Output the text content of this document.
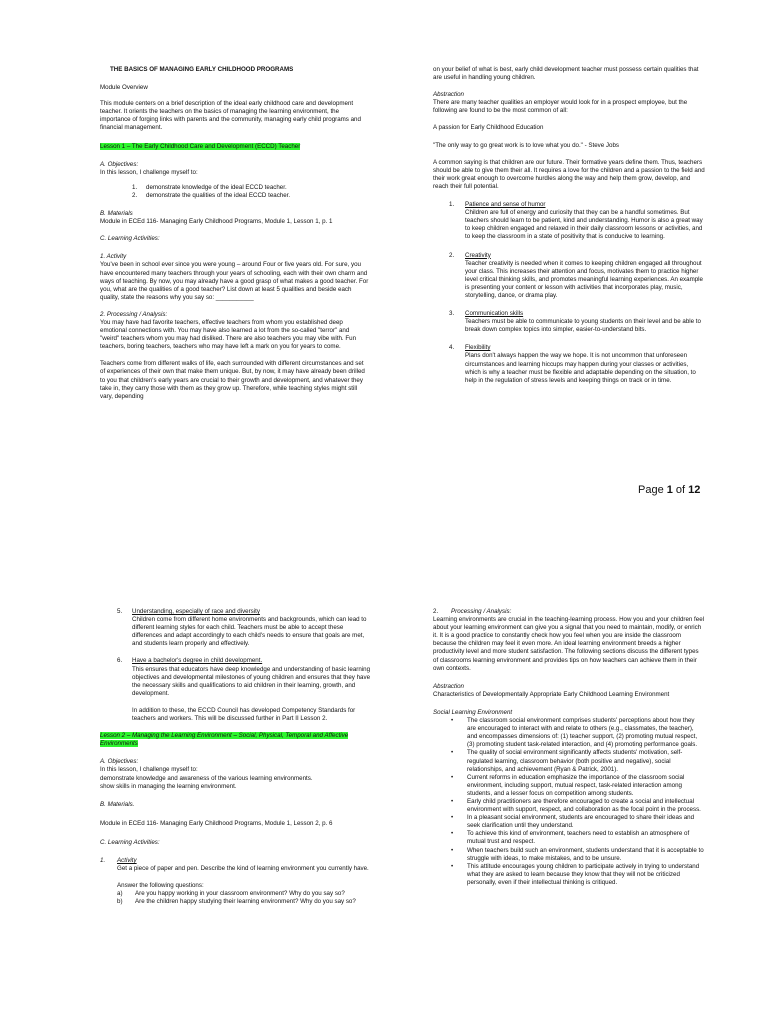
THE BASICS OF MANAGING EARLY CHILDHOOD PROGRAMS

Module Overview

This module centers on a brief description of the ideal early childhood care and development teacher. It orients the teachers on the basics of managing the learning environment, the importance of forging links with parents and the community, managing early child programs and financial management.

Lesson 1 – The Early Childhood Care and Development (ECCD) Teacher

A. Objectives:

In this lesson, I challenge myself to:

1.	demonstrate knowledge of the ideal ECCD teacher.
2.	demonstrate the qualities of the ideal ECCD teacher.

B. Materials

Module in ECEd 116- Managing Early Childhood Programs, Module 1, Lesson 1, p. 1

C. Learning Activities:

1. Activity

You've been in school ever since you were young – around Four or five years old. For sure, you have encountered many teachers through your years of schooling, each with their own charm and ways of teaching. By now, you may already have a good grasp of what makes a good teacher. For you, what are the qualities of a good teacher? List down at least 5 qualities and beside each quality, state the reasons why you say so: ___________

2. Processing / Analysis:

You may have had favorite teachers, effective teachers from whom you established deep emotional connections with. You may have also learned a lot from the so-called "terror" and "weird" teachers whom you may had disliked. There are also teachers you may vibe with. Fun teachers, boring teachers, teachers who may have left a mark on you for years to come.

Teachers come from different walks of life, each surrounded with different circumstances and set of experiences of their own that make them unique. But, by now, it may have already been drilled to you that children's early years are crucial to their growth and development, and whatever they take in, they carry those with them as they grow up. Therefore, while teaching styles might still vary, depending

on your belief of what is best, early child development teacher must possess certain qualities that are useful in handling young children.

Abstraction

There are many teacher qualities an employer would look for in a prospect employee, but the following are found to be the most common of all:

A passion for Early Childhood Education

"The only way to go great work is to love what you do." - Steve Jobs

A common saying is that children are our future. Their formative years define them. Thus, teachers should be able to give them their all. It requires a love for the children and a passion to the field and their work great enough to overcome hurdles along the way and help them grow, develop, and reach their full potential.

1.	Patience and sense of humor

Children are full of energy and curiosity that they can be a handful sometimes. But teachers should learn to be patient, kind and understanding. Humor is also a great way to keep children engaged and relaxed in their daily classroom lessons or activities, and to keep the classroom in a state of positivity that is conducive to learning.

2.	Creativity

Teacher creativity is needed when it comes to keeping children engaged all throughout your class. This increases their attention and focus, motivates them to practice higher level critical thinking skills, and promotes meaningful learning experiences. An example is presenting your content or lesson with activities that incorporates play, music, storytelling, dance, or drama play.

3.	Communication skills

Teachers must be able to communicate to young students on their level and be able to break down complex topics into simpler, easier-to-understand bits.

4.	Flexibility

Plans don't always happen the way we hope. It is not uncommon that unforeseen circumstances and learning hiccups may happen during your classes or activities, which is why a teacher must be flexible and adaptable depending on the situation, to help in the regulation of stress levels and keeping things on track or in time.

Page 1 of 12
5.	Understanding, especially of race and diversity

Children come from different home environments and backgrounds, which can lead to different learning styles for each child. Teachers must be able to accept these differences and adapt accordingly to each child's needs to ensure that goals are met, and students learn properly and effectively.

6.	Have a bachelor's degree in child development.

This ensures that educators have deep knowledge and understanding of basic learning objectives and developmental milestones of young children and ensures that they have the necessary skills and qualifications to aid children in their learning, growth, and development.

In addition to these, the ECCD Council has developed Competency Standards for teachers and workers. This will be discussed further in Part II Lesson 2.

Lesson 2 – Managing the Learning Environment – Social, Physical, Temporal and Affective Environments

A. Objectives:

In this lesson, I challenge myself to:

demonstrate knowledge and awareness of the various learning environments.

show skills in managing the learning environment.

B. Materials.

Module in ECEd 116- Managing Early Childhood Programs, Module 1, Lesson 2, p. 6

C. Learning Activities:

1.	Activity

Get a piece of paper and pen. Describe the kind of learning environment you currently have.

Answer the following questions:

a)	Are you happy working in your classroom environment? Why do you say so?
b)	Are the children happy studying their learning environment? Why do you say so?
2.	Processing / Analysis:

Learning environments are crucial in the teaching-learning process. How you and your children feel about your learning environment can give you a signal that you need to maintain, modify, or enrich it. It is a good practice to constantly check how you feel when you are inside the classroom because the children may feel it even more. An ideal learning environment breeds a higher productivity level and more student satisfaction. The following sections discuss the different types of classrooms learning environment and provides tips on how teachers can achieve them in their own contexts.

Abstraction

Characteristics of Developmentally Appropriate Early Childhood Learning Environment

Social Learning Environment

•	The classroom social environment comprises students' perceptions about how they are encouraged to interact with and relate to others (e.g., classmates, the teacher), and encompasses dimensions of: (1) teacher support, (2) promoting mutual respect, (3) promoting student task-related interaction, and (4) promoting performance goals.
•	The quality of social environment significantly affects students' motivation, self-regulated learning, classroom behavior (both positive and negative), social relationships, and achievement (Ryan & Patrick, 2001).
•	Current reforms in education emphasize the importance of the classroom social environment, including support, mutual respect, task-related interaction among students, and a lesser focus on competition among students.
•	Early child practitioners are therefore encouraged to create a social and intellectual environment with support, respect, and collaboration as the focal point in the process.
•	In a pleasant social environment, students are encouraged to share their ideas and seek clarification until they understand.
•	To achieve this kind of environment, teachers need to establish an atmosphere of mutual trust and respect.
•	When teachers build such an environment, students understand that it is acceptable to struggle with ideas, to make mistakes, and to be unsure.
•	This attitude encourages young children to participate actively in trying to understand what they are asked to learn because they know that they will not be criticized personally, even if their intellectual thinking is critiqued.
